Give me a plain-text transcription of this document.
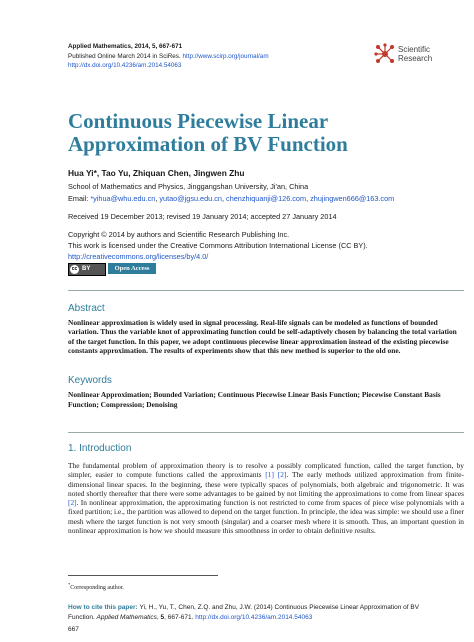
Applied Mathematics, 2014, 5, 667-671
Published Online March 2014 in SciRes. http://www.scirp.org/journal/am
http://dx.doi.org/10.4236/am.2014.54063
Scientific
Research
Continuous Piecewise Linear Approximation of BV Function
Hua Yi*, Tao Yu, Zhiquan Chen, Jingwen Zhu
School of Mathematics and Physics, Jinggangshan University, Ji'an, China
Email: *yihua@whu.edu.cn, yutao@jgsu.edu.cn, chenzhiquanji@126.com, zhujingwen666@163.com
Received 19 December 2013; revised 19 January 2014; accepted 27 January 2014
Copyright © 2014 by authors and Scientific Research Publishing Inc.
This work is licensed under the Creative Commons Attribution International License (CC BY).
http://creativecommons.org/licenses/by/4.0/
cc BY	Open Access
Abstract
Nonlinear approximation is widely used in signal processing. Real-life signals can be modeled as functions of bounded variation. Thus the variable knot of approximating function could be self-adaptively chosen by balancing the total variation of the target function. In this paper, we adopt continuous piecewise linear approximation instead of the existing piecewise constants approximation. The results of experiments show that this new method is superior to the old one.
Keywords
Nonlinear Approximation; Bounded Variation; Continuous Piecewise Linear Basis Function; Piecewise Constant Basis Function; Compression; Denoising
1. Introduction
The fundamental problem of approximation theory is to resolve a possibly complicated function, called the target function, by simpler, easier to compute functions called the approximants [1] [2]. The early methods utilized approximation from finite-dimensional linear spaces. In the beginning, these were typically spaces of polynomials, both algebraic and trigonometric. It was noted shortly thereafter that there were some advantages to be gained by not limiting the approximations to come from linear spaces [2]. In nonlinear approximation, the approximating function is not restricted to come from spaces of piece wise polynomials with a fixed partition; i.e., the partition was allowed to depend on the target function. In principle, the idea was simple: we should use a finer mesh where the target function is not very smooth (singular) and a coarser mesh where it is smooth. Thus, an important question in nonlinear approximation is how we should measure this smoothness in order to obtain definitive results.
*Corresponding author.
How to cite this paper: Yi, H., Yu, T., Chen, Z.Q. and Zhu, J.W. (2014) Continuous Piecewise Linear Approximation of BV
Function. Applied Mathematics, 5, 667-671. http://dx.doi.org/10.4236/am.2014.54063
667
